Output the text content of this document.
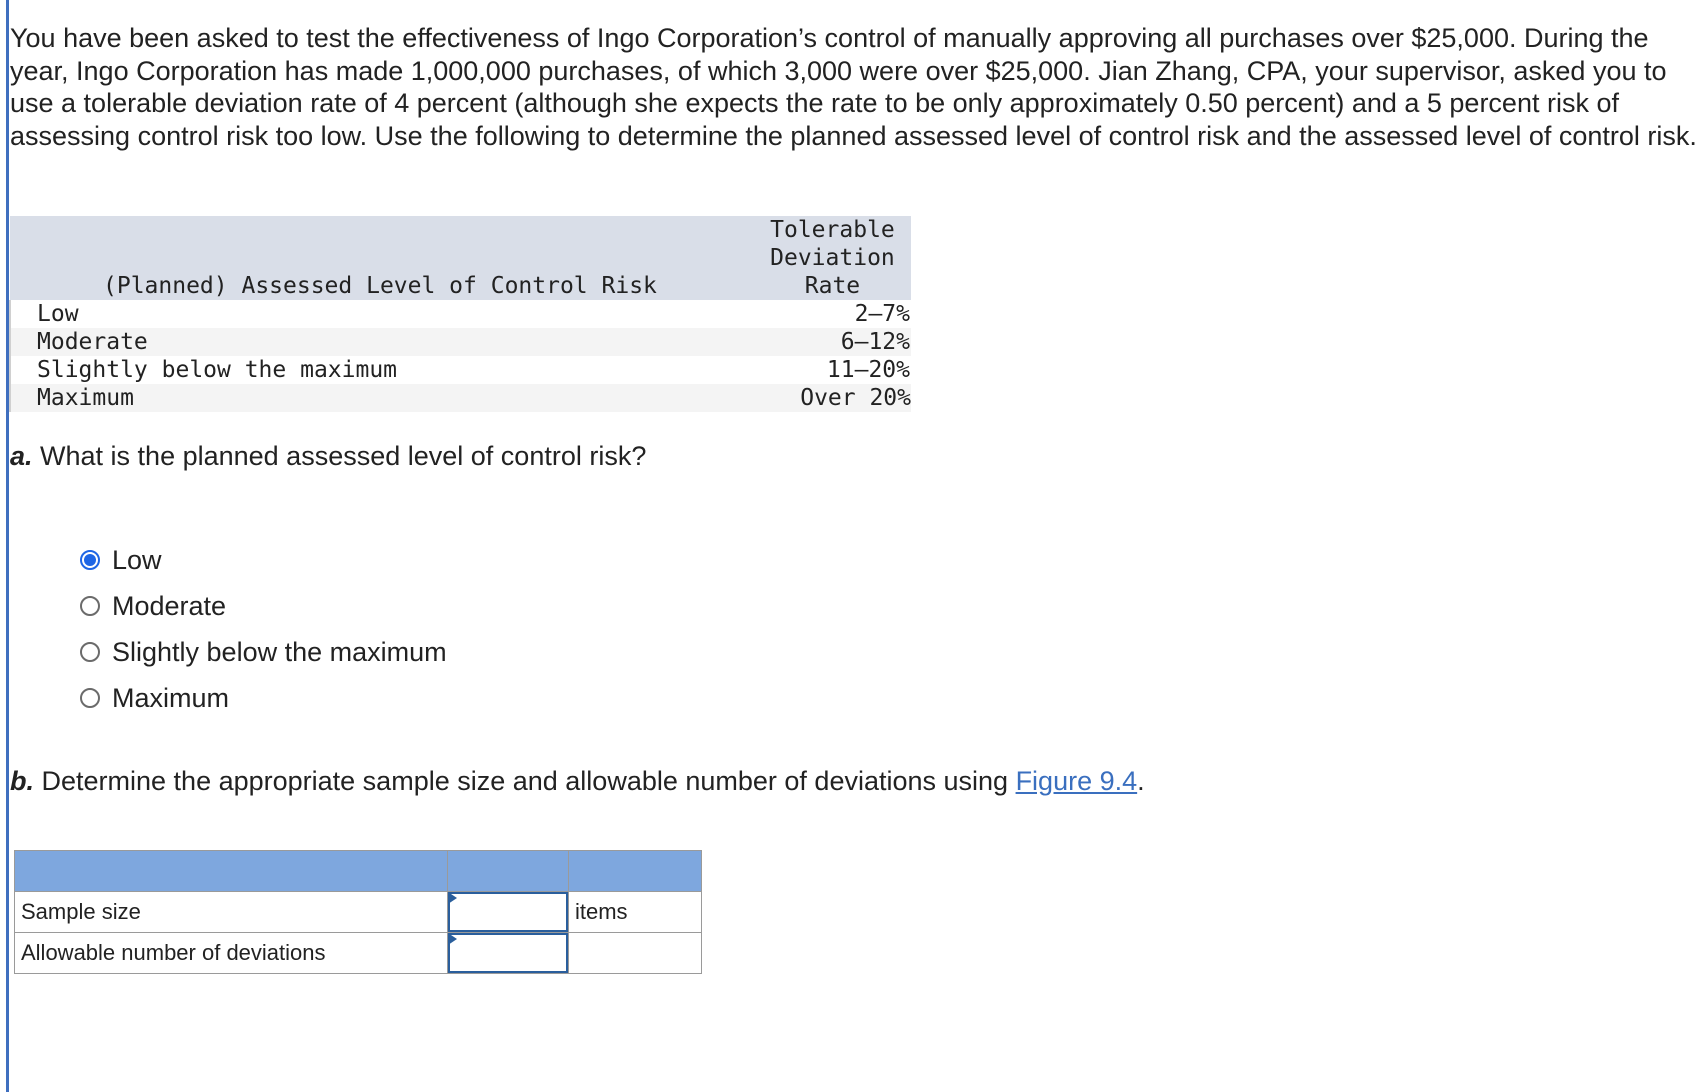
You have been asked to test the effectiveness of Ingo Corporation’s control of manually approving all purchases over $25,000. During the year, Ingo Corporation has made 1,000,000 purchases, of which 3,000 were over $25,000. Jian Zhang, CPA, your supervisor, asked you to use a tolerable deviation rate of 4 percent (although she expects the rate to be only approximately 0.50 percent) and a 5 percent risk of assessing control risk too low. Use the following to determine the planned assessed level of control risk and the assessed level of control risk.

(Planned) Assessed Level of Control Risk	Tolerable
Deviation
Rate

Low	2–7%
Moderate	6–12%
Slightly below the maximum	11–20%
Maximum	Over 20%

a. What is the planned assessed level of control risk?

Low
Moderate
Slightly below the maximum
Maximum

b. Determine the appropriate sample size and allowable number of deviations using Figure 9.4.

Sample size		items
Allowable number of deviations	
